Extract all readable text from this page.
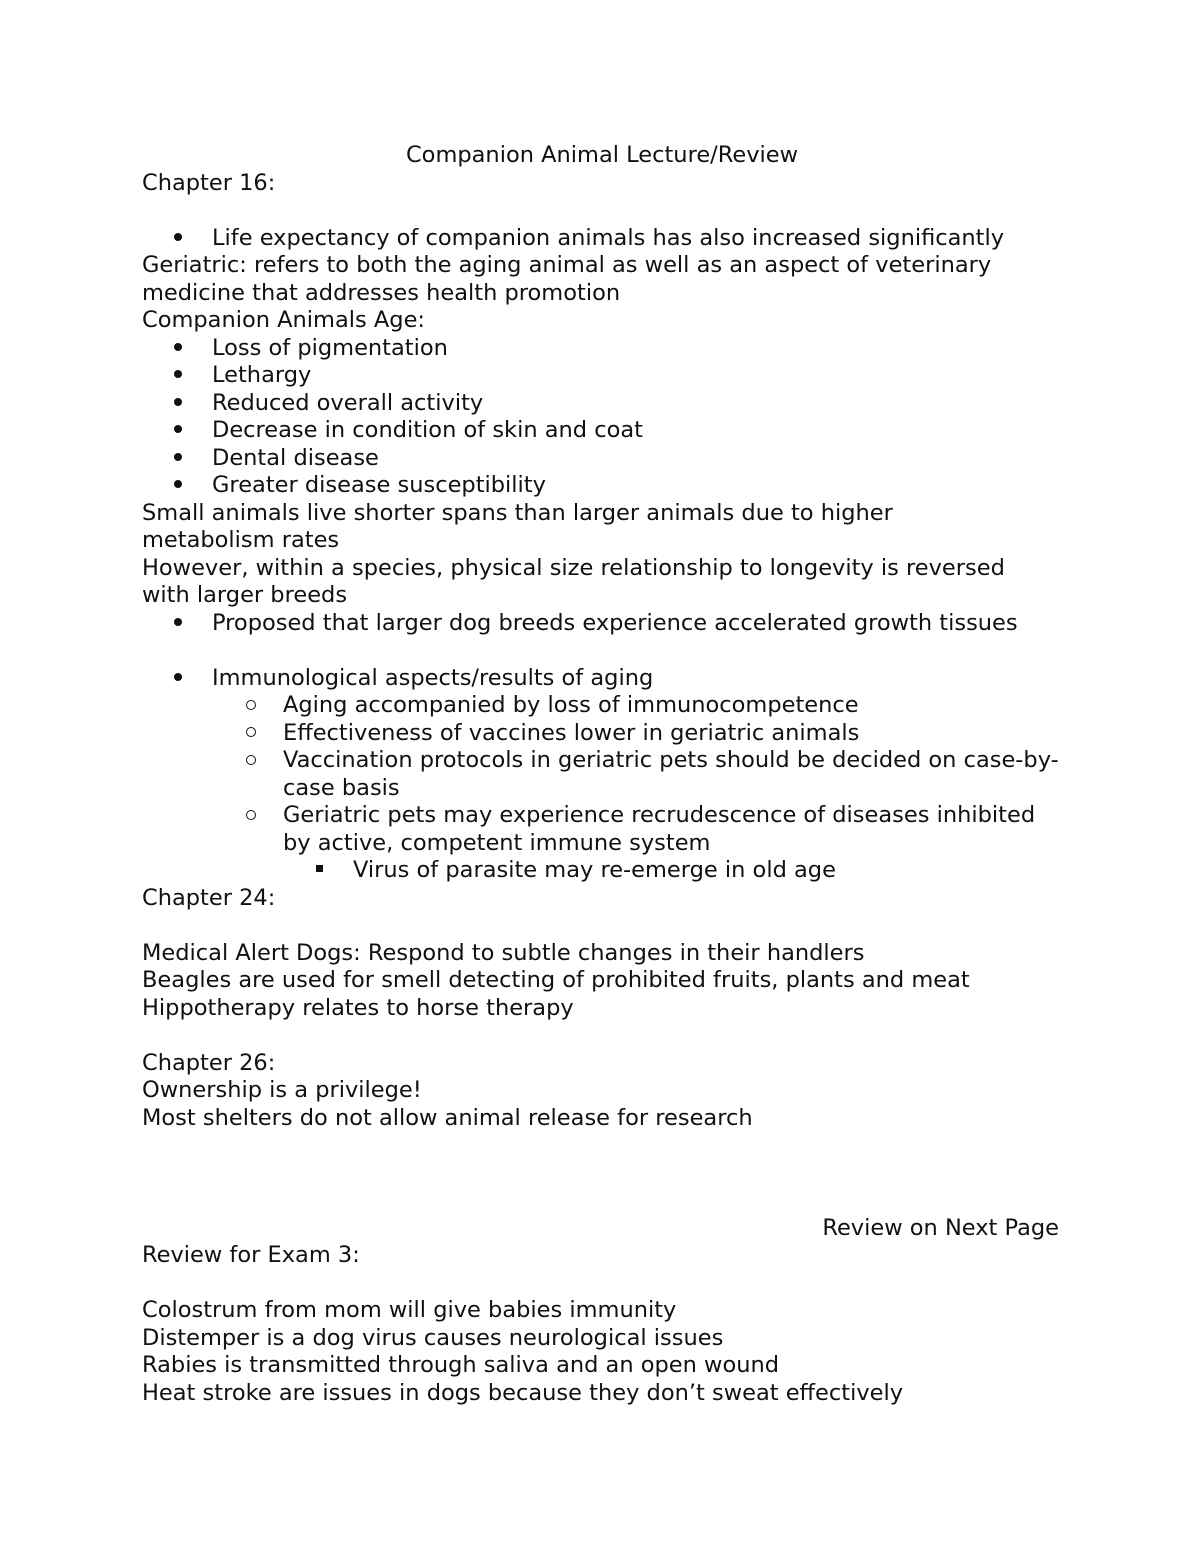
Companion Animal Lecture/Review

Chapter 16:

Life expectancy of companion animals has also increased significantly

Geriatric: refers to both the aging animal as well as an aspect of veterinary medicine that addresses health promotion

Companion Animals Age:

Loss of pigmentation
Lethargy
Reduced overall activity
Decrease in condition of skin and coat
Dental disease
Greater disease susceptibility

Small animals live shorter spans than larger animals due to higher metabolism rates

However, within a species, physical size relationship to longevity is reversed with larger breeds

Proposed that larger dog breeds experience accelerated growth tissues
Immunological aspects/results of aging
Aging accompanied by loss of immunocompetence
Effectiveness of vaccines lower in geriatric animals
Vaccination protocols in geriatric pets should be decided on case-by-case basis
Geriatric pets may experience recrudescence of diseases inhibited by active, competent immune system
Virus of parasite may re-emerge in old age

Chapter 24:

Medical Alert Dogs: Respond to subtle changes in their handlers

Beagles are used for smell detecting of prohibited fruits, plants and meat

Hippotherapy relates to horse therapy

Chapter 26:

Ownership is a privilege!

Most shelters do not allow animal release for research

Review on Next Page

Review for Exam 3:

Colostrum from mom will give babies immunity

Distemper is a dog virus causes neurological issues

Rabies is transmitted through saliva and an open wound

Heat stroke are issues in dogs because they don’t sweat effectively
